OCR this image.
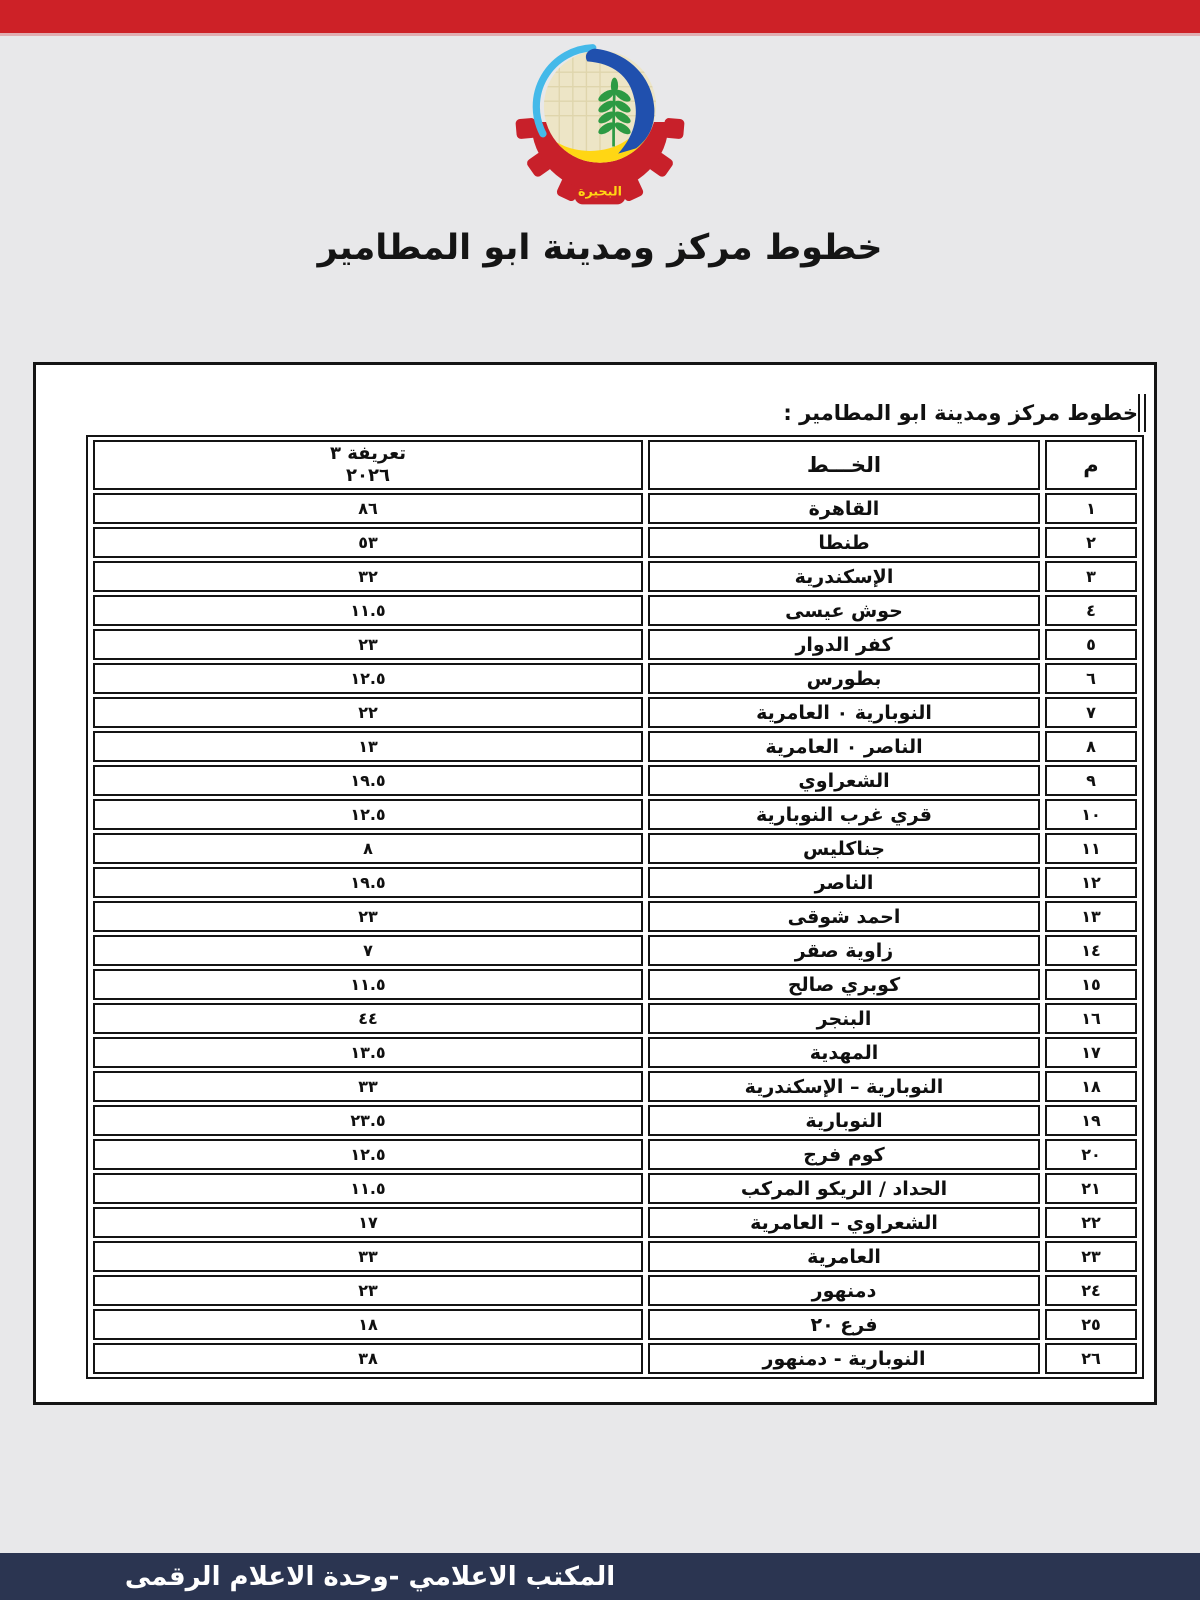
البحيرة
خطوط مركز ومدينة ابو المطامير
خطوط مركز ومدينة ابو المطامير :
م	الخـــط	تعريفة ٣
٢٠٢٦

١	القاهرة	٨٦
٢	طنطا	٥٣
٣	الإسكندرية	٣٢
٤	حوش عيسى	١١.٥
٥	كفر الدوار	٢٣
٦	بطورس	١٢.٥
٧	النوبارية ٠ العامرية	٢٢
٨	الناصر ٠ العامرية	١٣
٩	الشعراوي	١٩.٥
١٠	قري غرب النوبارية	١٢.٥
١١	جناكليس	٨
١٢	الناصر	١٩.٥
١٣	احمد شوقى	٢٣
١٤	زاوية صقر	٧
١٥	كوبري صالح	١١.٥
١٦	البنجر	٤٤
١٧	المهدية	١٣.٥
١٨	النوبارية – الإسكندرية	٣٣
١٩	النوبارية	٢٣.٥
٢٠	كوم فرج	١٢.٥
٢١	الحداد / الريكو المركب	١١.٥
٢٢	الشعراوي – العامرية	١٧
٢٣	العامرية	٣٣
٢٤	دمنهور	٢٣
٢٥	فرع ٢٠	١٨
٢٦	النوبارية - دمنهور	٣٨
المكتب الاعلامي -وحدة الاعلام الرقمى
